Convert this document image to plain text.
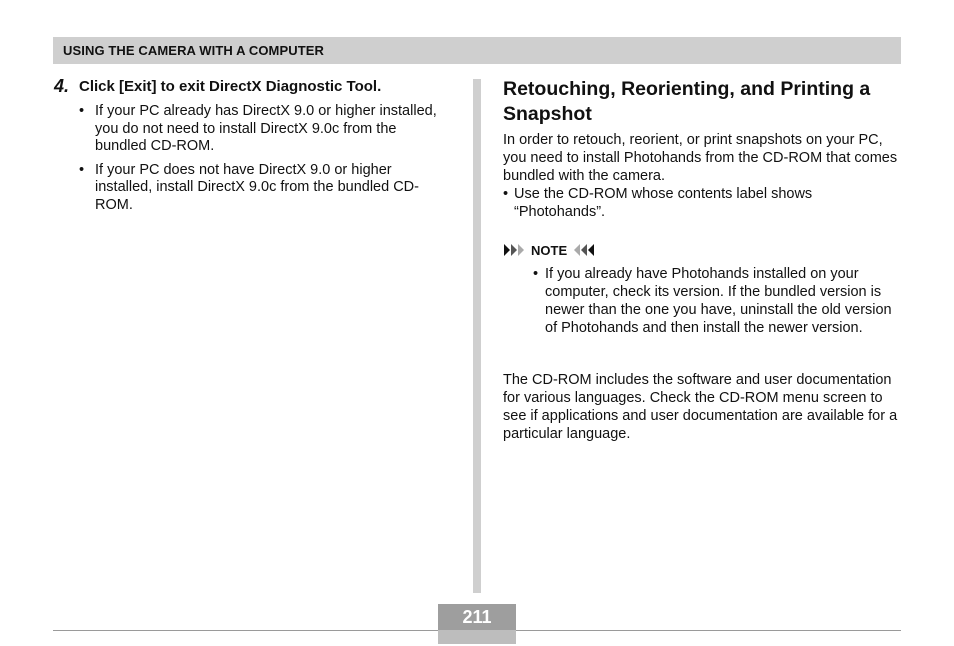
USING THE CAMERA WITH A COMPUTER
4. Click [Exit] to exit DirectX Diagnostic Tool.
• If your PC already has DirectX 9.0 or higher installed, you do not need to install DirectX 9.0c from the bundled CD-ROM.
• If your PC does not have DirectX 9.0 or higher installed, install DirectX 9.0c from the bundled CD-ROM.
Retouching, Reorienting, and Printing a Snapshot
In order to retouch, reorient, or print snapshots on your PC, you need to install Photohands from the CD-ROM that comes bundled with the camera.
• Use the CD-ROM whose contents label shows “Photohands”.
NOTE
• If you already have Photohands installed on your computer, check its version. If the bundled version is newer than the one you have, uninstall the old version of Photohands and then install the newer version.
The CD-ROM includes the software and user documentation for various languages. Check the CD-ROM menu screen to see if applications and user documentation are available for a particular language.
211
